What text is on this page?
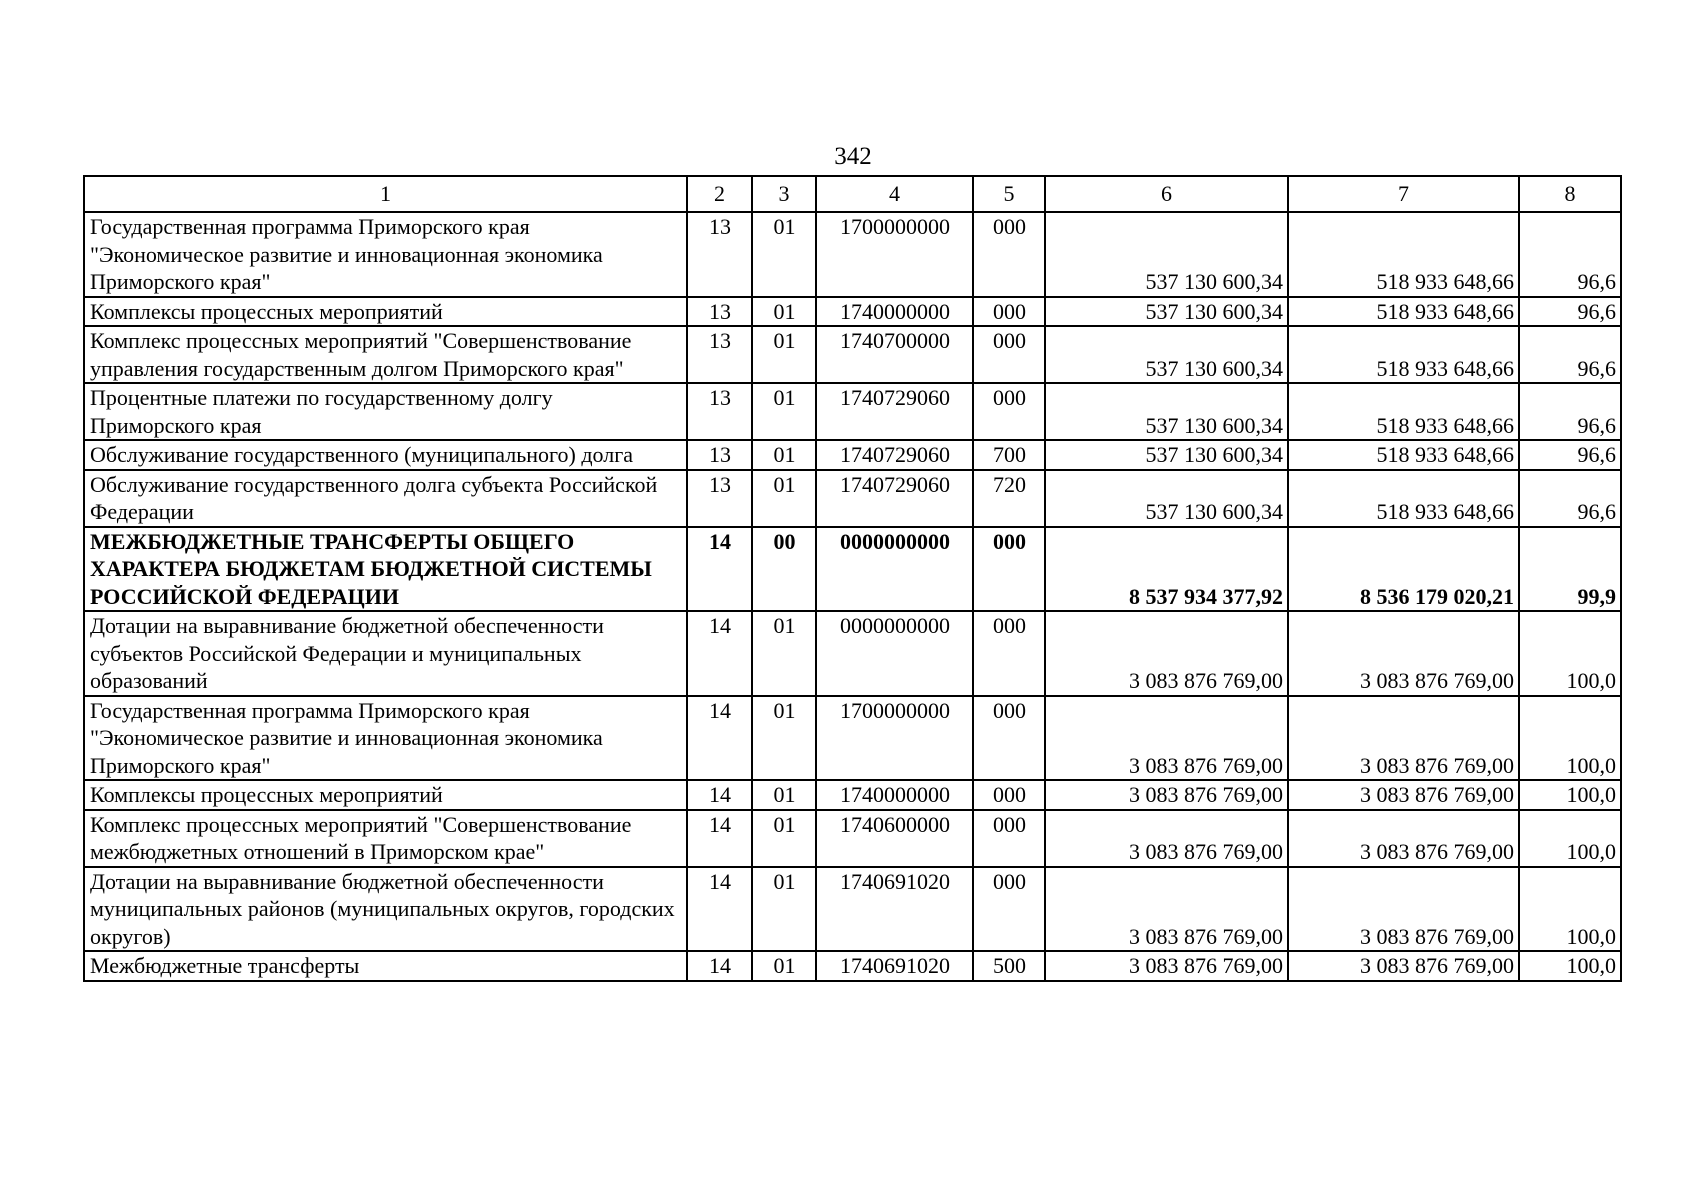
342
1	2	3	4	5	6	7	8
Государственная программа Приморского края "Экономическое развитие и инновационная экономика Приморского края"	13	01	1700000000	000	537 130 600,34	518 933 648,66	96,6
Комплексы процессных мероприятий	13	01	1740000000	000	537 130 600,34	518 933 648,66	96,6
Комплекс процессных мероприятий "Совершенствование управления государственным долгом Приморского края"	13	01	1740700000	000	537 130 600,34	518 933 648,66	96,6
Процентные платежи по государственному долгу Приморского края	13	01	1740729060	000	537 130 600,34	518 933 648,66	96,6
Обслуживание государственного (муниципального) долга	13	01	1740729060	700	537 130 600,34	518 933 648,66	96,6
Обслуживание государственного долга субъекта Российской Федерации	13	01	1740729060	720	537 130 600,34	518 933 648,66	96,6
МЕЖБЮДЖЕТНЫЕ ТРАНСФЕРТЫ ОБЩЕГО ХАРАКТЕРА БЮДЖЕТАМ БЮДЖЕТНОЙ СИСТЕМЫ РОССИЙСКОЙ ФЕДЕРАЦИИ	14	00	0000000000	000	8 537 934 377,92	8 536 179 020,21	99,9
Дотации на выравнивание бюджетной обеспеченности субъектов Российской Федерации и муниципальных образований	14	01	0000000000	000	3 083 876 769,00	3 083 876 769,00	100,0
Государственная программа Приморского края "Экономическое развитие и инновационная экономика Приморского края"	14	01	1700000000	000	3 083 876 769,00	3 083 876 769,00	100,0
Комплексы процессных мероприятий	14	01	1740000000	000	3 083 876 769,00	3 083 876 769,00	100,0
Комплекс процессных мероприятий "Совершенствование межбюджетных отношений в Приморском крае"	14	01	1740600000	000	3 083 876 769,00	3 083 876 769,00	100,0
Дотации на выравнивание бюджетной обеспеченности муниципальных районов (муниципальных округов, городских округов)	14	01	1740691020	000	3 083 876 769,00	3 083 876 769,00	100,0
Межбюджетные трансферты	14	01	1740691020	500	3 083 876 769,00	3 083 876 769,00	100,0
